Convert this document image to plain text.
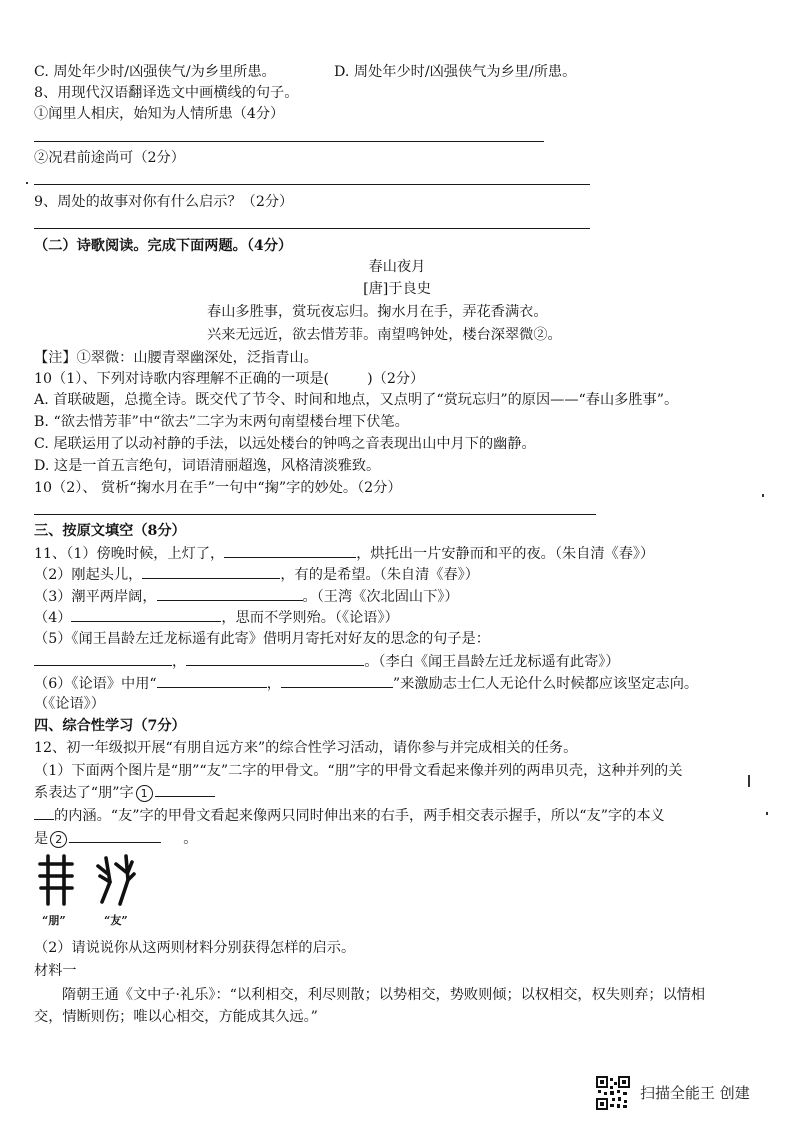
C. 周处年少时/凶强侠气/为乡里所患。	D. 周处年少时/凶强侠气为乡里/所患。
8、用现代汉语翻译选文中画横线的句子。
①闻里人相庆，始知为人情所患（4分）
②况君前途尚可（2分）
9、周处的故事对你有什么启示？（2分）
（二）诗歌阅读。完成下面两题。（4分）
春山夜月
[唐]于良史
春山多胜事，赏玩夜忘归。掬水月在手，弄花香满衣。
兴来无远近，欲去惜芳菲。南望鸣钟处，楼台深翠微②。
【注】①翠微：山腰青翠幽深处，泛指青山。
10（1）、下列对诗歌内容理解不正确的一项是(	)（2分）
A. 首联破题，总揽全诗。既交代了节令、时间和地点，又点明了“赏玩忘归”的原因——“春山多胜事”。
B. “欲去惜芳菲”中“欲去”二字为末两句南望楼台埋下伏笔。
C. 尾联运用了以动衬静的手法，以远处楼台的钟鸣之音表现出山中月下的幽静。
D. 这是一首五言绝句，词语清丽超逸，风格清淡雅致。
10（2）、 赏析“掬水月在手”一句中“掬”字的妙处。（2分）
三、按原文填空（8分）
11、（1）傍晚时候，上灯了，	，烘托出一片安静而和平的夜。（朱自清《春》）
（2）刚起头儿，	，有的是希望。（朱自清《春》）
（3）潮平两岸阔，	。（王湾《次北固山下》）
（4）	，思而不学则殆。（《论语》）
（5）《闻王昌龄左迁龙标遥有此寄》借明月寄托对好友的思念的句子是：
，	。（李白《闻王昌龄左迁龙标遥有此寄》）
（6）《论语》中用“	，	”来激励志士仁人无论什么时候都应该坚定志向。
（《论语》）
四、综合性学习（7分）
12、初一年级拟开展“有朋自远方来”的综合性学习活动，请你参与并完成相关的任务。
（1）下面两个图片是“朋”“友”二字的甲骨文。“朋”字的甲骨文看起来像并列的两串贝壳，这种并列的关
系表达了“朋”字 1
的内涵。“友”字的甲骨文看起来像两只同时伸出来的右手，两手相交表示握手，所以“友”字的本义
是 2	。
“朋”	“友”
（2）请说说你从这两则材料分别获得怎样的启示。
材料一
隋朝王通《文中子·礼乐》：“以利相交，利尽则散；以势相交，势败则倾；以权相交，权失则弃；以情相
交，情断则伤；唯以心相交，方能成其久远。”
扫描全能王 创建
